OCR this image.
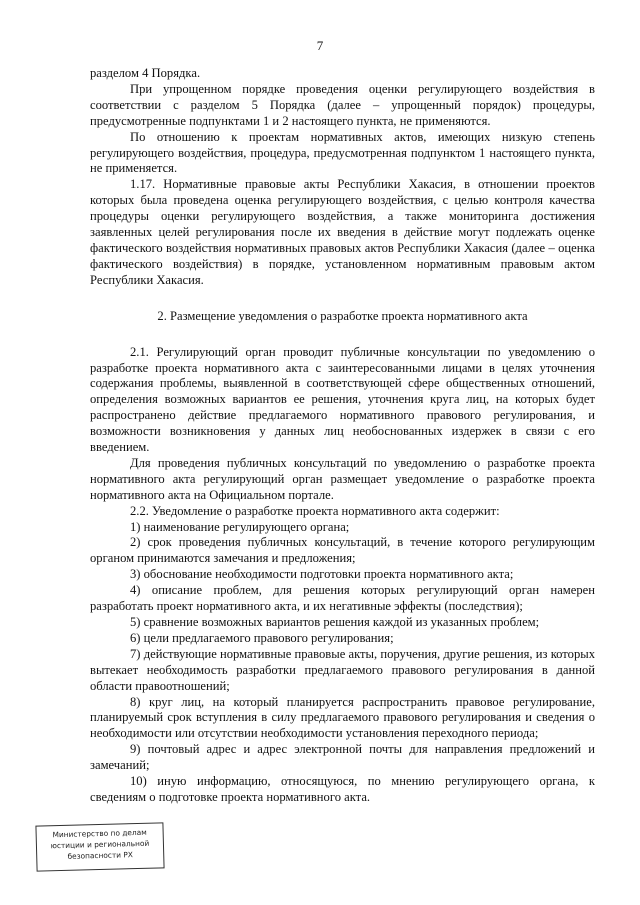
7

разделом 4 Порядка.

При упрощенном порядке проведения оценки регулирующего воздействия в соответствии с разделом 5 Порядка (далее – упрощенный порядок) процедуры, предусмотренные подпунктами 1 и 2 настоящего пункта, не применяются.

По отношению к проектам нормативных актов, имеющих низкую степень регулирующего воздействия, процедура, предусмотренная подпунктом 1 настоящего пункта, не применяется.

1.17. Нормативные правовые акты Республики Хакасия, в отношении проектов которых была проведена оценка регулирующего воздействия, с целью контроля качества процедуры оценки регулирующего воздействия, а также мониторинга достижения заявленных целей регулирования после их введения в действие могут подлежать оценке фактического воздействия нормативных правовых актов Республики Хакасия (далее – оценка фактического воздействия) в порядке, установленном нормативным правовым актом Республики Хакасия.

2. Размещение уведомления о разработке проекта нормативного акта

2.1. Регулирующий орган проводит публичные консультации по уведомлению о разработке проекта нормативного акта с заинтересованными лицами в целях уточнения содержания проблемы, выявленной в соответствующей сфере общественных отношений, определения возможных вариантов ее решения, уточнения круга лиц, на которых будет распространено действие предлагаемого нормативного правового регулирования, и возможности возникновения у данных лиц необоснованных издержек в связи с его введением.

Для проведения публичных консультаций по уведомлению о разработке проекта нормативного акта регулирующий орган размещает уведомление о разработке проекта нормативного акта на Официальном портале.

2.2. Уведомление о разработке проекта нормативного акта содержит:

1) наименование регулирующего органа;

2) срок проведения публичных консультаций, в течение которого регулирующим органом принимаются замечания и предложения;

3) обоснование необходимости подготовки проекта нормативного акта;

4) описание проблем, для решения которых регулирующий орган намерен разработать проект нормативного акта, и их негативные эффекты (последствия);

5) сравнение возможных вариантов решения каждой из указанных проблем;

6) цели предлагаемого правового регулирования;

7) действующие нормативные правовые акты, поручения, другие решения, из которых вытекает необходимость разработки предлагаемого правового регулирования в данной области правоотношений;

8) круг лиц, на который планируется распространить правовое регулирование, планируемый срок вступления в силу предлагаемого правового регулирования и сведения о необходимости или отсутствии необходимости установления переходного периода;

9) почтовый адрес и адрес электронной почты для направления предложений и замечаний;

10) иную информацию, относящуюся, по мнению регулирующего органа, к сведениям о подготовке проекта нормативного акта.

Министерство по делам
юстиции и региональной
безопасности РХ
